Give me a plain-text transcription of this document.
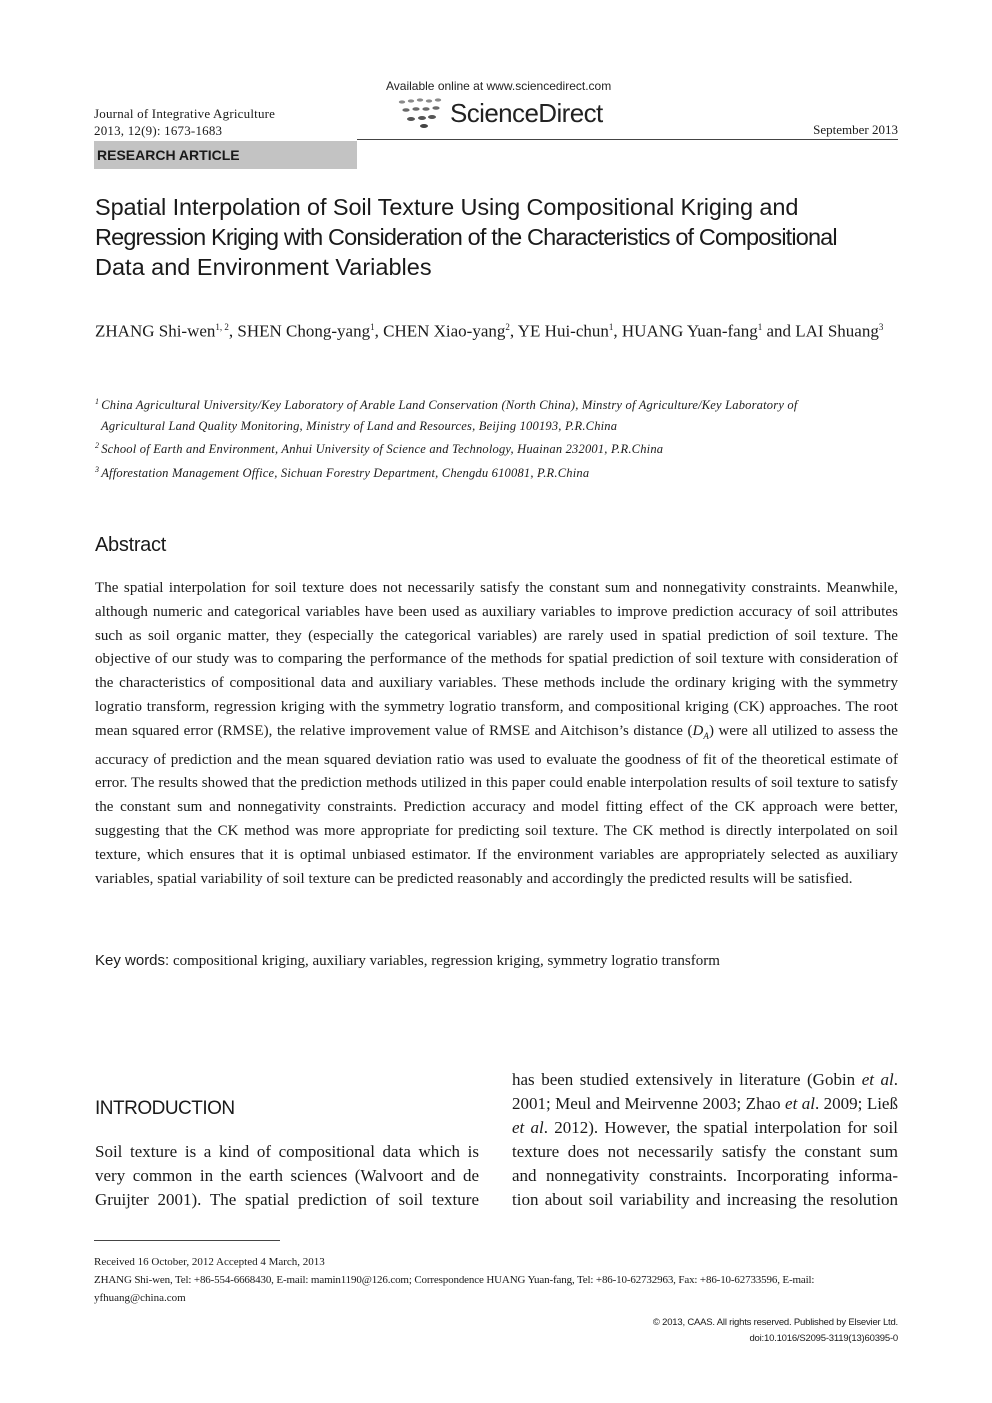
Journal of Integrative Agriculture
2013, 12(9): 1673-1683
Available online at www.sciencedirect.com
ScienceDirect
September 2013
RESEARCH ARTICLE
Spatial Interpolation of Soil Texture Using Compositional Kriging and
Regression Kriging with Consideration of the Characteristics of Compositional
Data and Environment Variables
ZHANG Shi-wen$^{1, 2}$, SHEN Chong-yang$^1$, CHEN Xiao-yang$^2$, YE Hui-chun$^1$, HUANG Yuan-fang$^1$ and LAI Shuang$^3$
$^1$ China Agricultural University/Key Laboratory of Arable Land Conservation (North China), Minstry of Agriculture/Key Laboratory of
Agricultural Land Quality Monitoring, Ministry of Land and Resources, Beijing 100193, P.R.China
$^2$ School of Earth and Environment, Anhui University of Science and Technology, Huainan 232001, P.R.China
$^3$ Afforestation Management Office, Sichuan Forestry Department, Chengdu 610081, P.R.China
Abstract

The spatial interpolation for soil texture does not necessarily satisfy the constant sum and nonnegativity constraints. Meanwhile, although numeric and categorical variables have been used as auxiliary variables to improve prediction accuracy of soil attributes such as soil organic matter, they (especially the categorical variables) are rarely used in spatial prediction of soil texture. The objective of our study was to comparing the performance of the methods for spatial prediction of soil texture with consideration of the characteristics of compositional data and auxiliary variables. These methods include the ordinary kriging with the symmetry logratio transform, regression kriging with the symmetry logratio transform, and compositional kriging (CK) approaches. The root mean squared error (RMSE), the relative improvement value of RMSE and Aitchison’s distance $(D_A)$ were all utilized to assess the accuracy of prediction and the mean squared deviation ratio was used to evaluate the goodness of fit of the theoretical estimate of error. The results showed that the prediction methods utilized in this paper could enable interpolation results of soil texture to satisfy the constant sum and nonnegativity constraints. Prediction accuracy and model fitting effect of the CK approach were better, suggesting that the CK method was more appropriate for predicting soil texture. The CK method is directly interpolated on soil texture, which ensures that it is optimal unbiased estimator. If the environment variables are appropriately selected as auxiliary variables, spatial variability of soil texture can be predicted reasonably and accordingly the predicted results will be satisfied.

Key words: compositional kriging, auxiliary variables, regression kriging, symmetry logratio transform
INTRODUCTION
Soil texture is a kind of compositional data which is
very common in the earth sciences (Walvoort and de
Gruijter 2001). The spatial prediction of soil texture
has been studied extensively in literature (Gobin et al.
2001; Meul and Meirvenne 2003; Zhao et al. 2009; Ließ
et al. 2012). However, the spatial interpolation for soil
texture does not necessarily satisfy the constant sum
and nonnegativity constraints. Incorporating informa-
tion about soil variability and increasing the resolution
Received 16 October, 2012 Accepted 4 March, 2013
ZHANG Shi-wen, Tel: +86-554-6668430, E-mail: mamin1190@126.com; Correspondence HUANG Yuan-fang, Tel: +86-10-62732963, Fax: +86-10-62733596, E-mail:
yfhuang@china.com
© 2013, CAAS. All rights reserved. Published by Elsevier Ltd.
doi:10.1016/S2095-3119(13)60395-0
